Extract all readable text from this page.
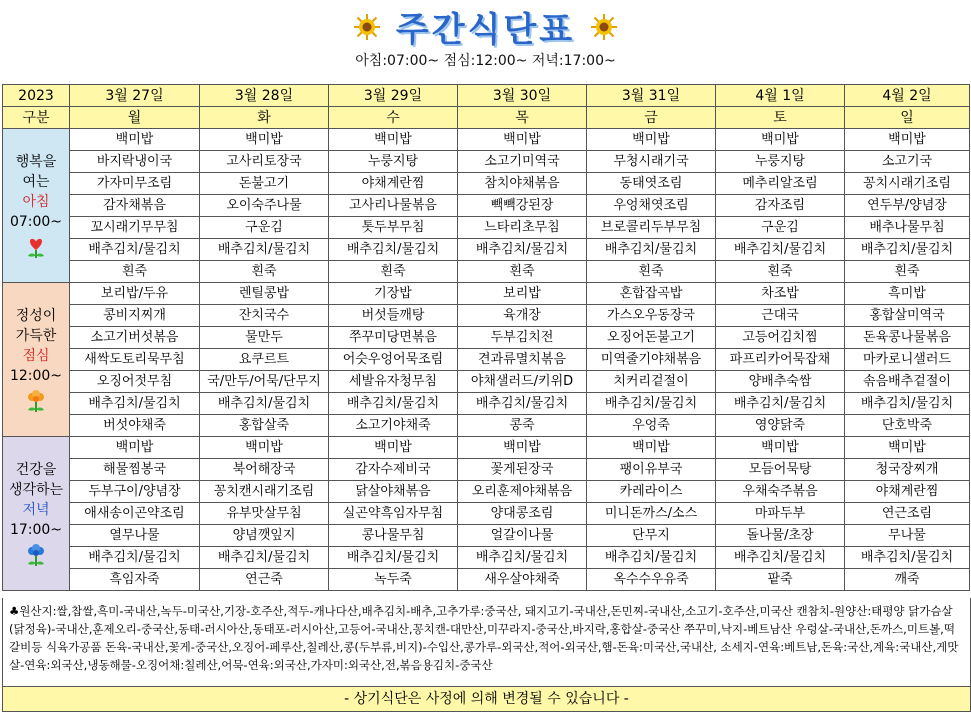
주간식단표
아침:07:00~ 점심:12:00~ 저녁:17:00~
2023	3월 27일	3월 28일	3월 29일	3월 30일	3월 31일	4월 1일	4월 2일
구분	월	화	수	목	금	토	일

행복을
여는
아침
07:00~	백미밥	백미밥	백미밥	백미밥	백미밥	백미밥	백미밥
	바지락냉이국	고사리토장국	누룽지탕	소고기미역국	무청시래기국	누룽지탕	소고기국
	가자미무조림	돈불고기	야채계란찜	참치야채볶음	동태엿조림	메추리알조림	꽁치시래기조림
	감자채볶음	오이숙주나물	고사리나물볶음	빽빽강된장	우엉채엿조림	감자조림	연두부/양념장
	꼬시래기무무침	구운김	톳두부무침	느타리초무침	브로콜리두부무침	구운김	배추나물무침
	배추김치/물김치	배추김치/물김치	배추김치/물김치	배추김치/물김치	배추김치/물김치	배추김치/물김치	배추김치/물김치
	흰죽	흰죽	흰죽	흰죽	흰죽	흰죽	흰죽

정성이
가득한
점심
12:00~	보리밥/두유	렌틸콩밥	기장밥	보리밥	혼합잡곡밥	차조밥	흑미밥
	콩비지찌개	잔치국수	버섯들깨탕	육개장	가스오우동장국	근대국	홍합살미역국
	소고기버섯볶음	물만두	쭈꾸미당면볶음	두부김치전	오징어돈불고기	고등어김치찜	돈육콩나물볶음
	새싹도토리묵무침	요쿠르트	어슷우엉어묵조림	견과류멸치볶음	미역줄기야채볶음	파프리카어묵잡채	마카로니샐러드
	오징어젓무침	국/만두/어묵/단무지	세발유자청무침	야채샐러드/키위D	치커리겉절이	양배추숙쌈	솎음배추겉절이
	배추김치/물김치	배추김치/물김치	배추김치/물김치	배추김치/물김치	배추김치/물김치	배추김치/물김치	배추김치/물김치
	버섯야채죽	홍합살죽	소고기야채죽	콩죽	우엉죽	영양닭죽	단호박죽

건강을
생각하는
저녁
17:00~	백미밥	백미밥	백미밥	백미밥	백미밥	백미밥	백미밥
	해물찜봉국	북어해장국	감자수제비국	꽃게된장국	팽이유부국	모듬어묵탕	청국장찌개
	두부구이/양념장	꽁치캔시래기조림	닭살야채볶음	오리훈제야채볶음	카레라이스	우채숙주볶음	야채계란찜
	애새송이곤약조림	유부맛살무침	실곤약흑임자무침	양대콩조림	미니돈까스/소스	마파두부	연근조림
	열무나물	양념깻잎지	콩나물무침	얼갈이나물	단무지	돌나물/초장	무나물
	배추김치/물김치	배추김치/물김치	배추김치/물김치	배추김치/물김치	배추김치/물김치	배추김치/물김치	배추김치/물김치
	흑임자죽	연근죽	녹두죽	새우살야채죽	옥수수우유죽	팥죽	깨죽
♣원산지:쌀,찹쌀,흑미-국내산,녹두-미국산,기장-호주산,적두-캐나다산,배추김치-배추,고추가루:중국산, 돼지고기-국내산,돈민찌-국내산,소고기-호주산,미국산 캔참치-원양산:태평양 닭가슴살(닭정육)-국내산,훈제오리-중국산,동태-러시아산,동태포-러시아산,고등어-국내산,꽁치캔-대만산,미꾸라지-중국산,바지락,홍합살-중국산 쭈꾸미,낙지-베트남산 우렁살-국내산,돈까스,미트볼,떡갈비등 식육가공품 돈육-국내산,꽃게-중국산,오징어-페루산,칠레산,콩(두부류,비지)-수입산,콩가루-외국산,적어-외국산,햄-돈육:미국산,국내산, 소세지-연육:베트남,돈육:국산,계육:국내산,게맛살-연육:외국산,냉동해물-오징어채:칠레산,어묵-연육:외국산,가자미:외국산,전,볶음용김치-중국산
- 상기식단은 사정에 의해 변경될 수 있습니다 -
